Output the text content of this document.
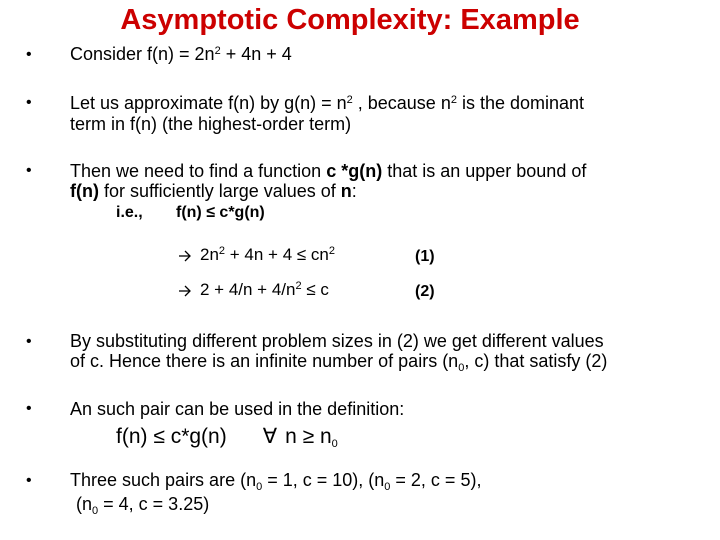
Asymptotic Complexity: Example
• Consider $f(n) = 2n^2 + 4n + 4$
• Let us approximate f(n) by $g(n) = n^2$ , because $n^2$ is the dominant
term in f(n) (the highest-order term)
• Then we need to find a function c *g(n) that is an upper bound of
f(n) for sufficiently large values of n:
i.e., f(n) ≤ c*g(n)
$2n^2 + 4n + 4 \le cn^2$	(1)
$2 + 4/n + 4/n^2 \le c$	(2)
• By substituting different problem sizes in (2) we get different values
of c. Hence there is an infinite number of pairs ($n_0$, c) that satisfy (2)
• An such pair can be used in the definition:
f(n) ≤ c*g(n) ∀ $n \ge n_0$
• Three such pairs are ($n_0 = 1$, c = 10), ($n_0 = 2$, c = 5),
($n_0 = 4$, c = 3.25)
